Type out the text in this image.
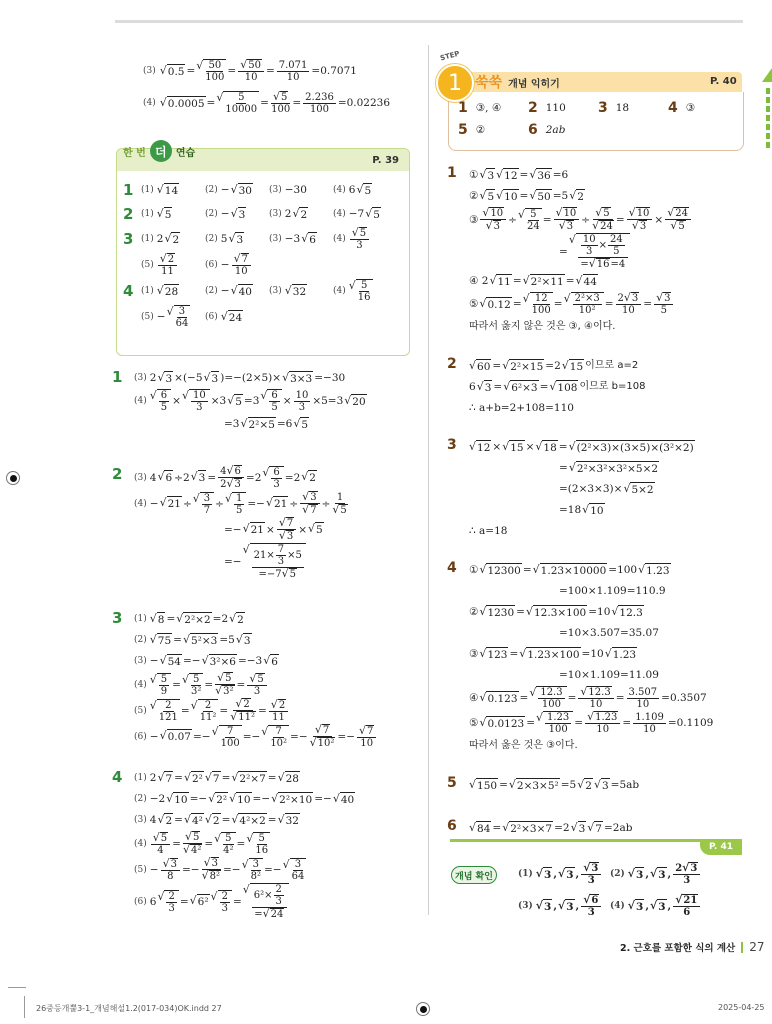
(3) √ 0.5 = √ $\frac{50}{100} = \frac{√ 50}{10} = \frac{7.071}{10} =0.7071$
(4) √ 0.0005 = √ $\frac{5}{10000} = \frac{√ 5}{100} = \frac{2.236}{100} =0.02236$
한 번 더 연습
P. 39
1 (1) √ 14	(2) − √ 30 (3) −30	(4) 6 √ 5
2 (1) √ 5	(2) − √ 3	(3) 2 √ 2	(4) −7 √ 5
3 (1) 2 √ 2	(2) 5 √ 3	(3) −3 √ 6 $(4) \frac{√ 5}{3}$
$(5) \frac{√ 2}{11}$	$(6) - \frac{√ 7}{10}$
4 (1) √ 28	(2) − √ 40 (3) √ 32	(4) √ $\frac{5}{16}$
(5) − √ $\frac{3}{64} (6)$ √ 24
1	(3) 2 √ 3 ×(−5 √ 3 )=−(2×5)× √ 3×3 =−30
(4) √ $\frac{6}{5}$ × √ $\frac{10}{3} \times 3$ √ 5 =3 √ $\frac{6}{5} \times \frac{10}{3} \times 5=3$ √ 20
=3 √ 2²×5 =6 √ 5
2	(3) 4 √ 6 ÷2 √ $3 = \frac{4 √ 6}{2 √ 3} =2$ √ $\frac{6}{3} =2$ √ 2
(4) − √ 21 ÷ √ $\frac{3}{7}$ ÷ √ $\frac{1}{5}$ =− √ $21 \div \frac{√ 3}{√ 7} \div \frac{1}{√ 5}$
=− √ $21 \times \frac{√ 7}{√ 3}$ × √ 5
=−
√ $\frac{21\times \frac{7}{3} \times 5}{=-7 √ 5}$
3	(1) √ 8 = √ 2²×2 =2 √ 2
(2) √ 75 = √ 5²×3 =5 √ 3
(3) − √ 54 =− √ 3²×6 =−3 √ 6
(4) √ $\frac{5}{9}$ = √ $\frac{5}{\text{3²}} = \frac{√ 5}{\text{√ 3²}} = \frac{√ 5}{3}$
(5) √ $\frac{2}{121}$ = √ $\frac{2}{\text{11²}} = \frac{√ 2}{\text{√ 11²}} = \frac{√ 2}{11}$
(6) − √ 0.07 =− √ $\frac{7}{100}$ =− √ $\frac{7}{\text{10²}} =- \frac{√ 7}{\text{√ 10²}} =- \frac{√ 7}{10}$
4	(1) 2 √ 7 = √ 2² √ 7 = √ 2²×7 = √ 28
(2) −2 √ 10 =− √ 2² √ 10 =− √ 2²×10 =− √ 40
(3) 4 √ 2 = √ 4² √ 2 = √ 4²×2 = √ 32
$(4) \frac{√ 5}{4} = \frac{√ 5}{\text{√ 4²}}$ = √ $\frac{5}{\text{4²}}$ = √ $\frac{5}{16}$
$(5) - \frac{√ 3}{8} =- \frac{√ 3}{\text{√ 8²}}$ =− √ $\frac{3}{\text{8²}}$ =− √ $\frac{3}{64}$
(6) 6 √ $\frac{2}{3}$ = √ 6² √ $\frac{2}{3}$ =
√ $\frac{6^2\times \frac{2}{3}}{= √ 24}$
STEP
1 쑥쑥 개념 익히기	P. 40
1 ③, ④ 2 110 3 18	4 ③
5 ②	6 2ab
1	① √ 3 √ 12 = √ 36 =6
② √ 5 √ 10 = √ 50 =5 √ 2
③ $\frac{√ 10}{√ 3}$ ÷ √ $\frac{5}{24} = \frac{√ 10}{√ 3} \div \frac{√ 5}{√ 24} = \frac{√ 10}{√ 3} \times \frac{√ 24}{√ 5}$
=
√ $\frac{\frac{10}{3} \times \frac{24}{5}}{= √ 16 =4}$
④ 2 √ 11 = √ 2²×11 = √ 44
⑤ √ 0.12 = √ $\frac{12}{100}$ = √ $\frac{\text{2²×3}}{\text{10²}} = \frac{2 √ 3}{10} = \frac{√ 3}{5}$
따라서 옳지 않은 것은 ③, ④이다.
2	√ 60 = √ 2²×15 =2 √ 15 이므로 a=2
6 √ 3 = √ 6²×3 = √ 108 이므로 b=108
∴ a+b=2+108=110
3	√ 12 × √ 15 × √ 18 = √ (2²×3)×(3×5)×(3²×2)
= √ 2²×3²×3²×5×2
=(2×3×3)× √ 5×2
=18 √ 10
∴ a=18
4	① √ 12300 = √ 1.23×10000 =100 √ 1.23
=100×1.109=110.9
② √ 1230 = √ 12.3×100 =10 √ 12.3
=10×3.507=35.07
③ √ 123 = √ 1.23×100 =10 √ 1.23
=10×1.109=11.09
④ √ 0.123 = √ $\frac{12.3}{100} = \frac{√ 12.3}{10} = \frac{3.507}{10} =0.3507$
⑤ √ 0.0123 = √ $\frac{1.23}{100} = \frac{√ 1.23}{10} = \frac{1.109}{10} =0.1109$
따라서 옳은 것은 ③이다.
5	√ 150 = √ 2×3×5² =5 √ 2 √ 3 =5ab
6	√ 84 = √ 2²×3×7 =2 √ 3 √ 7 =2ab
P. 41
개념 확인	(1) √ 3 , √ 3 , $\frac{√ 3}{3} (2)$ √ 3 , √ 3 , $\frac{2 √ 3}{3}$
(3) √ 3 , √ 3 , $\frac{√ 6}{3} (4)$ √ 3 , √ 3 , $\frac{√ 21}{6}$
2. 근호를 포함한 식의 계산 27
26중등개뿔3-1_개념해설1.2(017-034)OK.indd 27	2025-04-25
